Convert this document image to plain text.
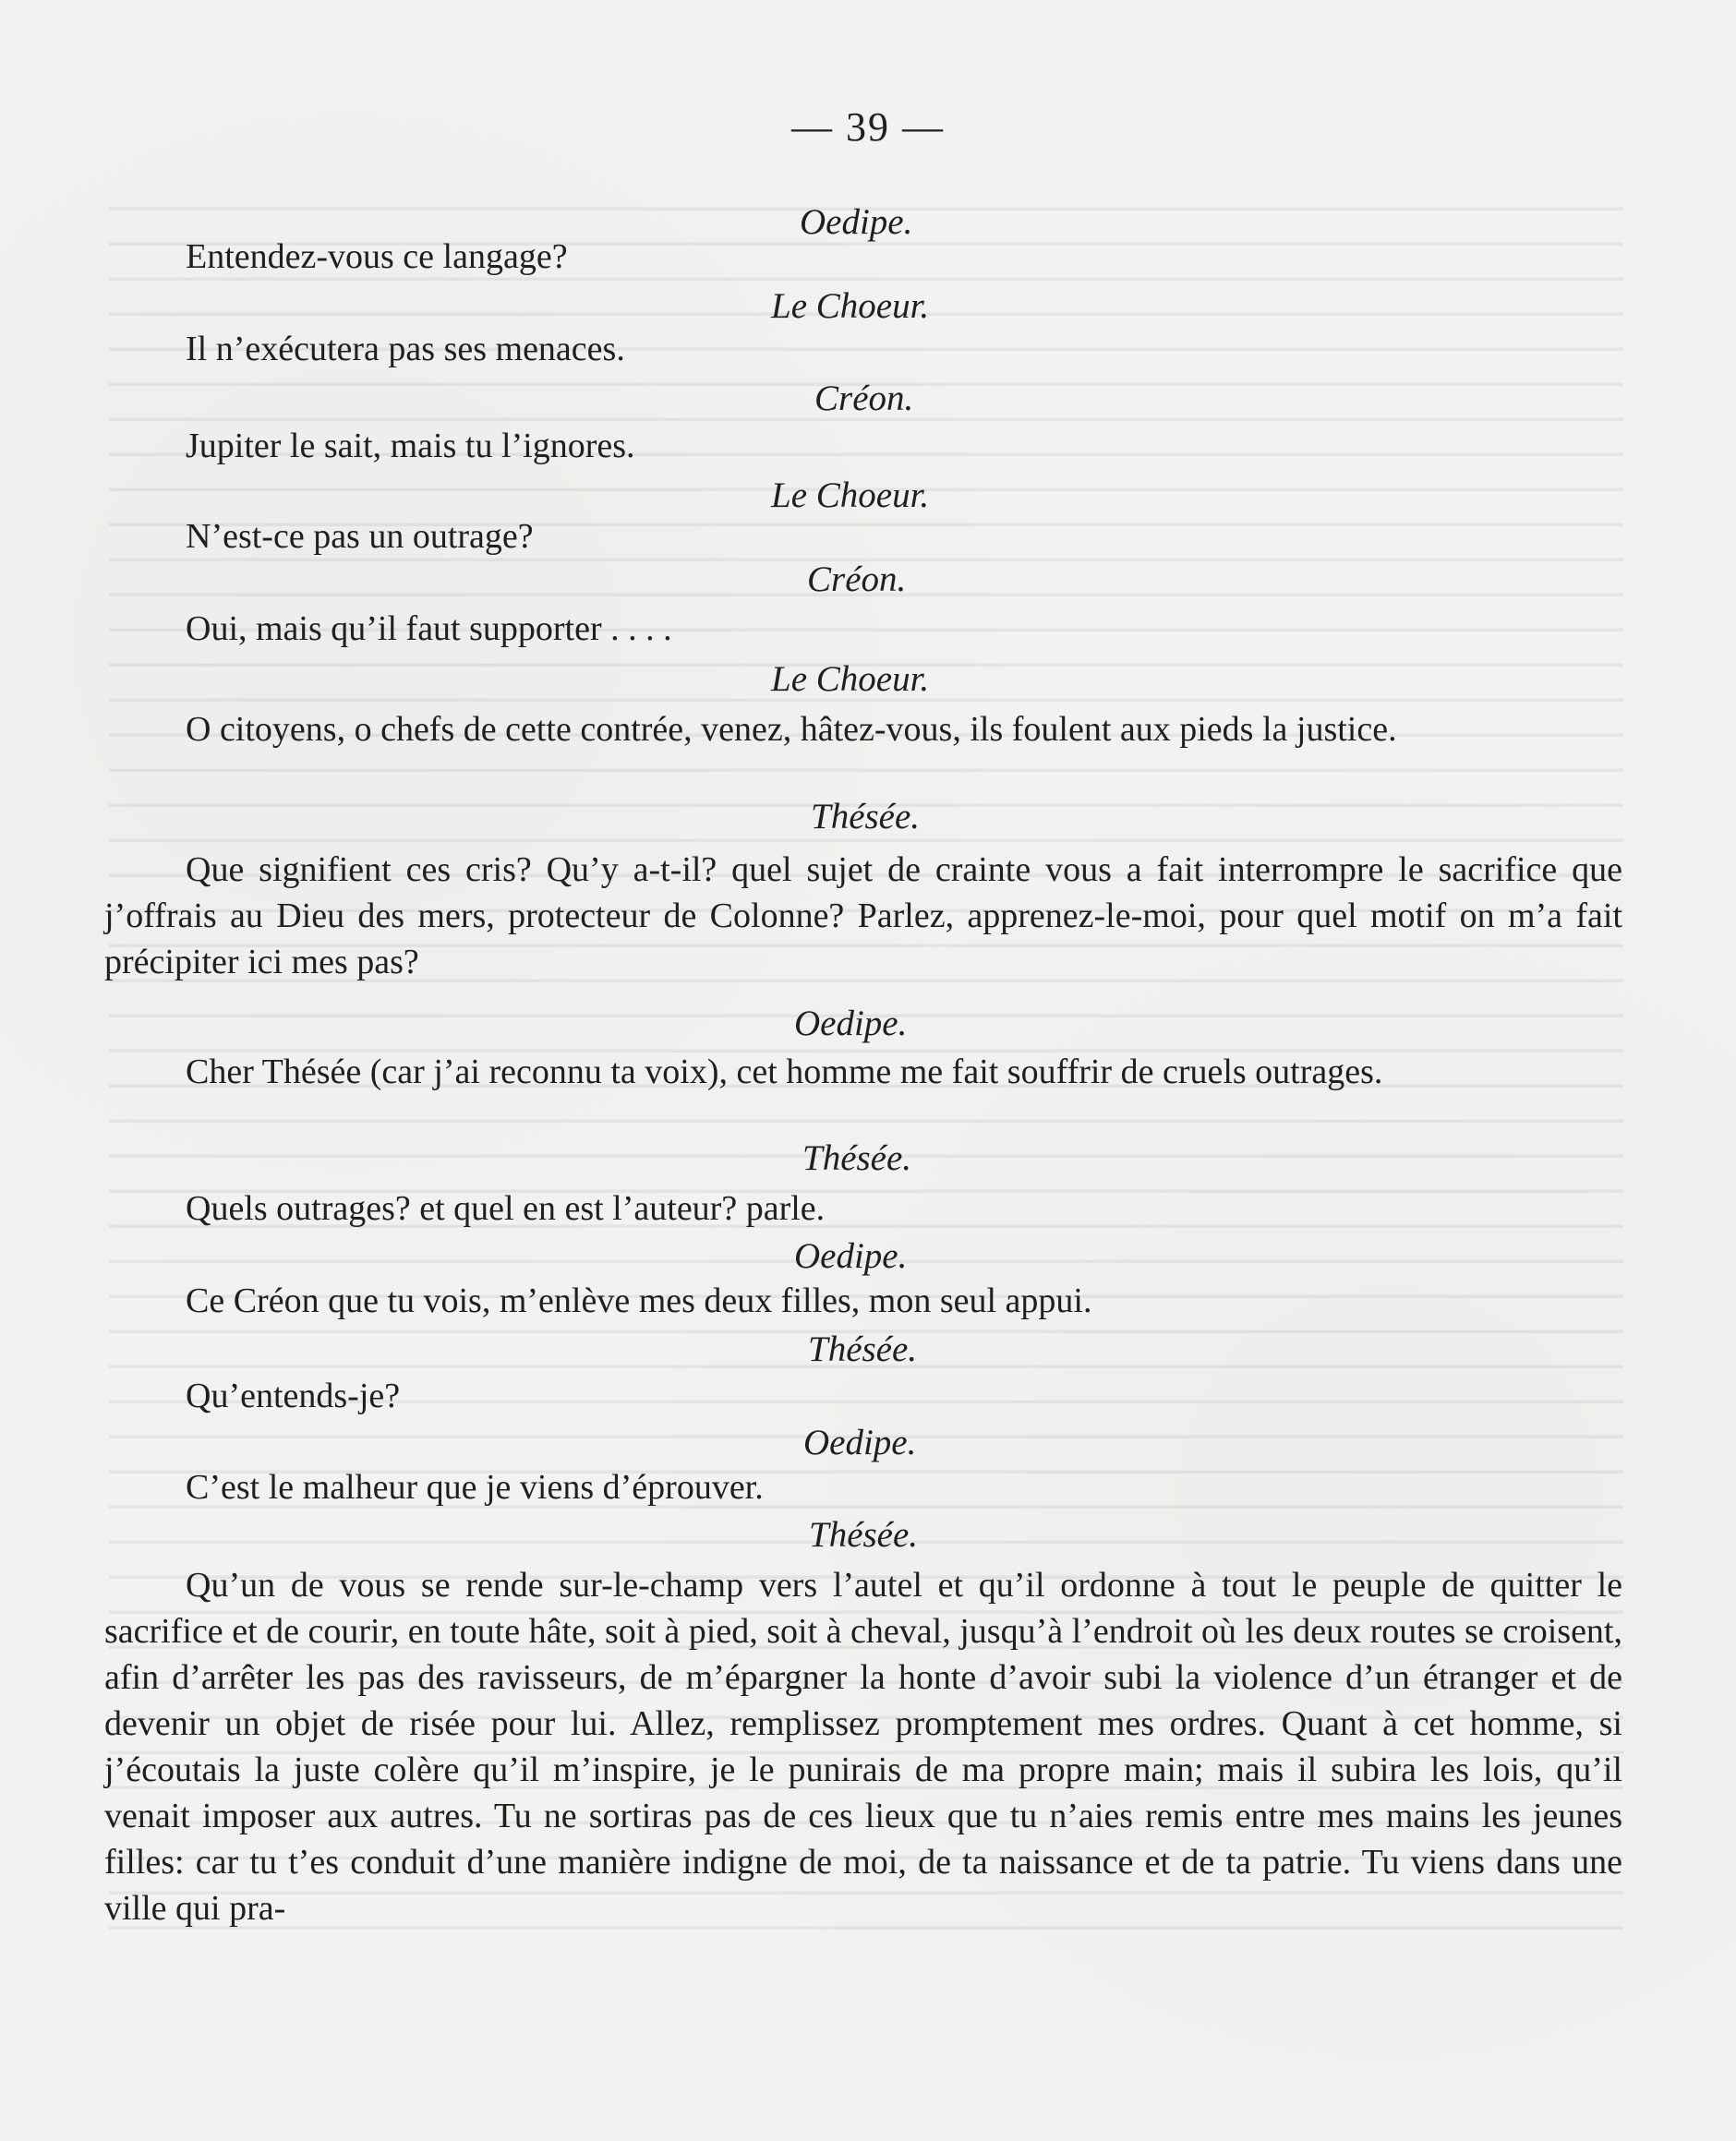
— 39 —
Oedipe.
Entendez-vous ce langage?
Le Choeur.
Il n’exécutera pas ses menaces.
Créon.
Jupiter le sait, mais tu l’ignores.
Le Choeur.
N’est-ce pas un outrage?
Créon.
Oui, mais qu’il faut supporter . . . .
Le Choeur.
O citoyens, o chefs de cette contrée, venez, hâtez-vous, ils foulent aux pieds la justice.
Thésée.
Que signifient ces cris? Qu’y a-t-il? quel sujet de crainte vous a fait interrompre le sacrifice que j’offrais au Dieu des mers, protecteur de Colonne? Parlez, apprenez-le-moi, pour quel motif on m’a fait précipiter ici mes pas?
Oedipe.
Cher Thésée (car j’ai reconnu ta voix), cet homme me fait souffrir de cruels outrages.
Thésée.
Quels outrages? et quel en est l’auteur? parle.
Oedipe.
Ce Créon que tu vois, m’enlève mes deux filles, mon seul appui.
Thésée.
Qu’entends-je?
Oedipe.
C’est le malheur que je viens d’éprouver.
Thésée.
Qu’un de vous se rende sur-le-champ vers l’autel et qu’il ordonne à tout le peuple de quitter le sacrifice et de courir, en toute hâte, soit à pied, soit à cheval, jusqu’à l’endroit où les deux routes se croisent, afin d’arrêter les pas des ravisseurs, de m’épargner la honte d’avoir subi la violence d’un étranger et de devenir un objet de risée pour lui. Allez, remplissez promptement mes ordres. Quant à cet homme, si j’écoutais la juste colère qu’il m’inspire, je le punirais de ma propre main; mais il subira les lois, qu’il venait imposer aux autres. Tu ne sortiras pas de ces lieux que tu n’aies remis entre mes mains les jeunes filles: car tu t’es conduit d’une manière indigne de moi, de ta naissance et de ta patrie. Tu viens dans une ville qui pra-
